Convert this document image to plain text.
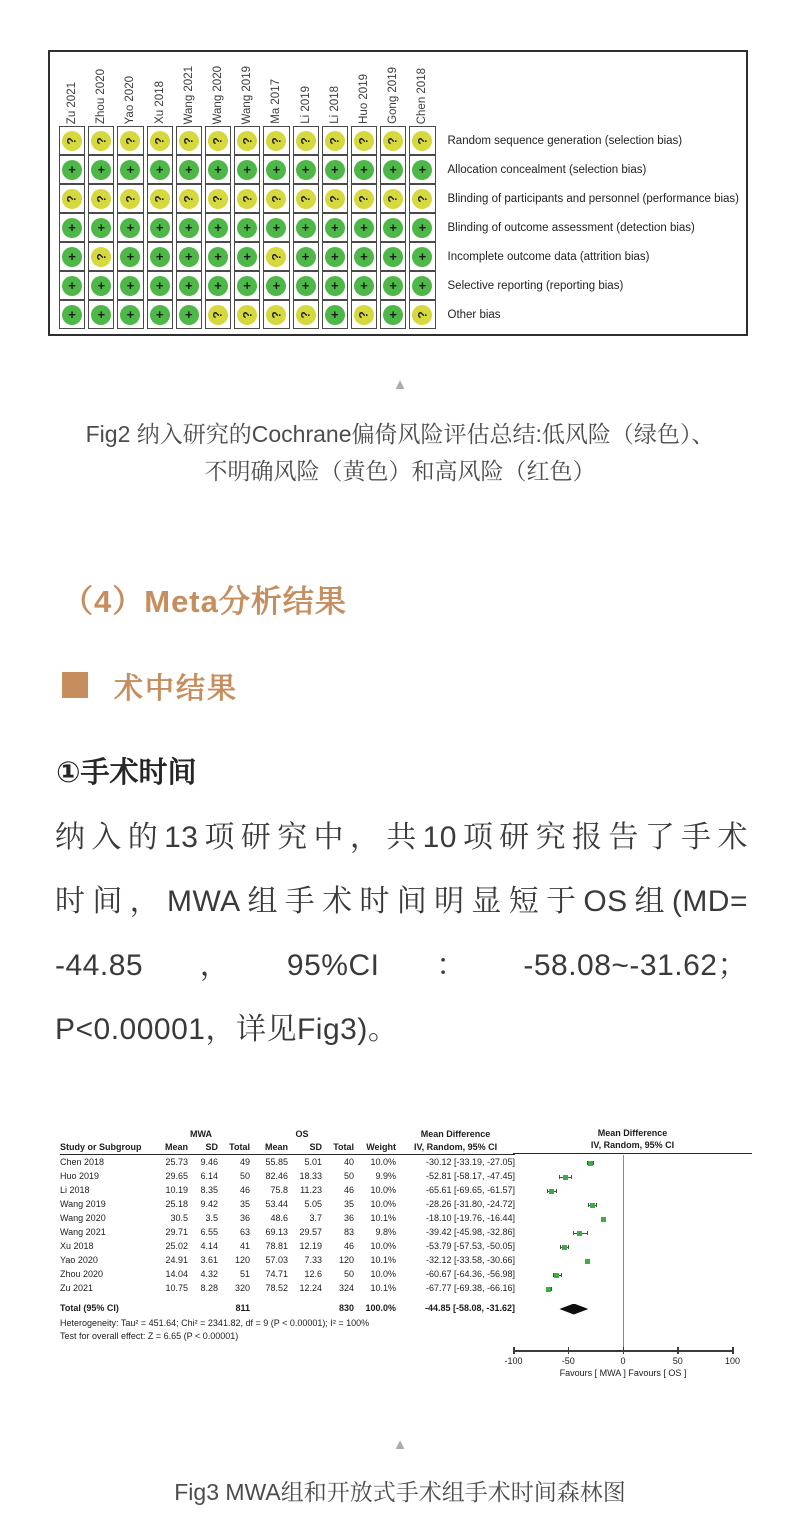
Zu 2021	Zhou 2020	Yao 2020	Xu 2018	Wang 2021	Wang 2020	Wang 2019	Ma 2017	Li 2019	Li 2018	Huo 2019	Gong 2019	Chen 2018	

?	?	?	?	?	?	?	?	?	?	?	?	?	Random sequence generation (selection bias)
+	+	+	+	+	+	+	+	+	+	+	+	+	Allocation concealment (selection bias)
?	?	?	?	?	?	?	?	?	?	?	?	?	Blinding of participants and personnel (performance bias)
+	+	+	+	+	+	+	+	+	+	+	+	+	Blinding of outcome assessment (detection bias)
+	?	+	+	+	+	+	?	+	+	+	+	+	Incomplete outcome data (attrition bias)
+	+	+	+	+	+	+	+	+	+	+	+	+	Selective reporting (reporting bias)
+	+	+	+	+	?	?	?	?	+	?	+	?	Other bias
▲
Fig2 纳入研究的Cochrane偏倚风险评估总结:低风险（绿色）、
不明确风险（黄色）和高风险（红色）
（4）Meta分析结果
术中结果
①手术时间
纳入的13项研究中，共10项研究报告了手术
时间，MWA组手术时间明显短于OS组(MD=
-44.85，95%CI：-58.08~-31.62；
P<0.00001，详见Fig3)。
	MWA			OS				Mean Difference
Study or Subgroup	Mean	SD	Total	Mean	SD	Total	Weight	IV, Random, 95% CI
Chen 2018	25.73	9.46	49	55.85	5.01	40	10.0%	-30.12 [-33.19, -27.05]
Huo 2019	29.65	6.14	50	82.46	18.33	50	9.9%	-52.81 [-58.17, -47.45]
Li 2018	10.19	8.35	46	75.8	11.23	46	10.0%	-65.61 [-69.65, -61.57]
Wang 2019	25.18	9.42	35	53.44	5.05	35	10.0%	-28.26 [-31.80, -24.72]
Wang 2020	30.5	3.5	36	48.6	3.7	36	10.1%	-18.10 [-19.76, -16.44]
Wang 2021	29.71	6.55	63	69.13	29.57	83	9.8%	-39.42 [-45.98, -32.86]
Xu 2018	25.02	4.14	41	78.81	12.19	46	10.0%	-53.79 [-57.53, -50.05]
Yao 2020	24.91	3.61	120	57.03	7.33	120	10.1%	-32.12 [-33.58, -30.66]
Zhou 2020	14.04	4.32	51	74.71	12.6	50	10.0%	-60.67 [-64.36, -56.98]
Zu 2021	10.75	8.28	320	78.52	12.24	324	10.1%	-67.77 [-69.38, -66.16]

Total (95% CI)			811			830	100.0%	-44.85 [-58.08, -31.62]
Heterogeneity: Tau² = 451.64; Chi² = 2341.82, df = 9 (P < 0.00001); I² = 100%
Test for overall effect: Z = 6.65 (P < 0.00001)
Mean Difference
IV, Random, 95% CI
-100	-50	0	50	100
Favours [ MWA ] Favours [ OS ]
▲
Fig3 MWA组和开放式手术组手术时间森林图
